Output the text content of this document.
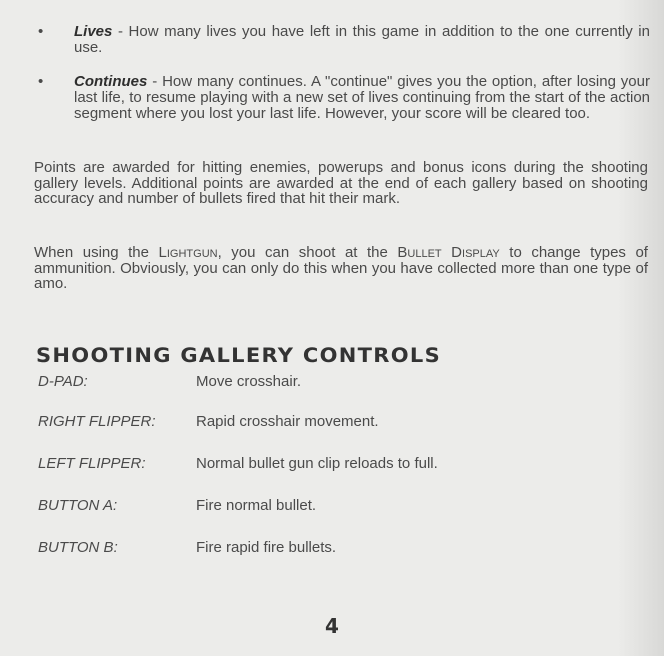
• Lives - How many lives you have left in this game in addition to the one currently in use.
• Continues - How many continues. A "continue" gives you the option, after losing your last life, to resume playing with a new set of lives continuing from the start of the action segment where you lost your last life. However, your score will be cleared too.

Points are awarded for hitting enemies, powerups and bonus icons during the shooting gallery levels. Additional points are awarded at the end of each gallery based on shooting accuracy and number of bullets fired that hit their mark.

When using the Lightgun, you can shoot at the Bullet Display to change types of ammunition. Obviously, you can only do this when you have collected more than one type of amo.

SHOOTING GALLERY CONTROLS
D-PAD:	Move crosshair.
RIGHT FLIPPER:	Rapid crosshair movement.
LEFT FLIPPER:	Normal bullet gun clip reloads to full.
BUTTON A:	Fire normal bullet.
BUTTON B:	Fire rapid fire bullets.
4
